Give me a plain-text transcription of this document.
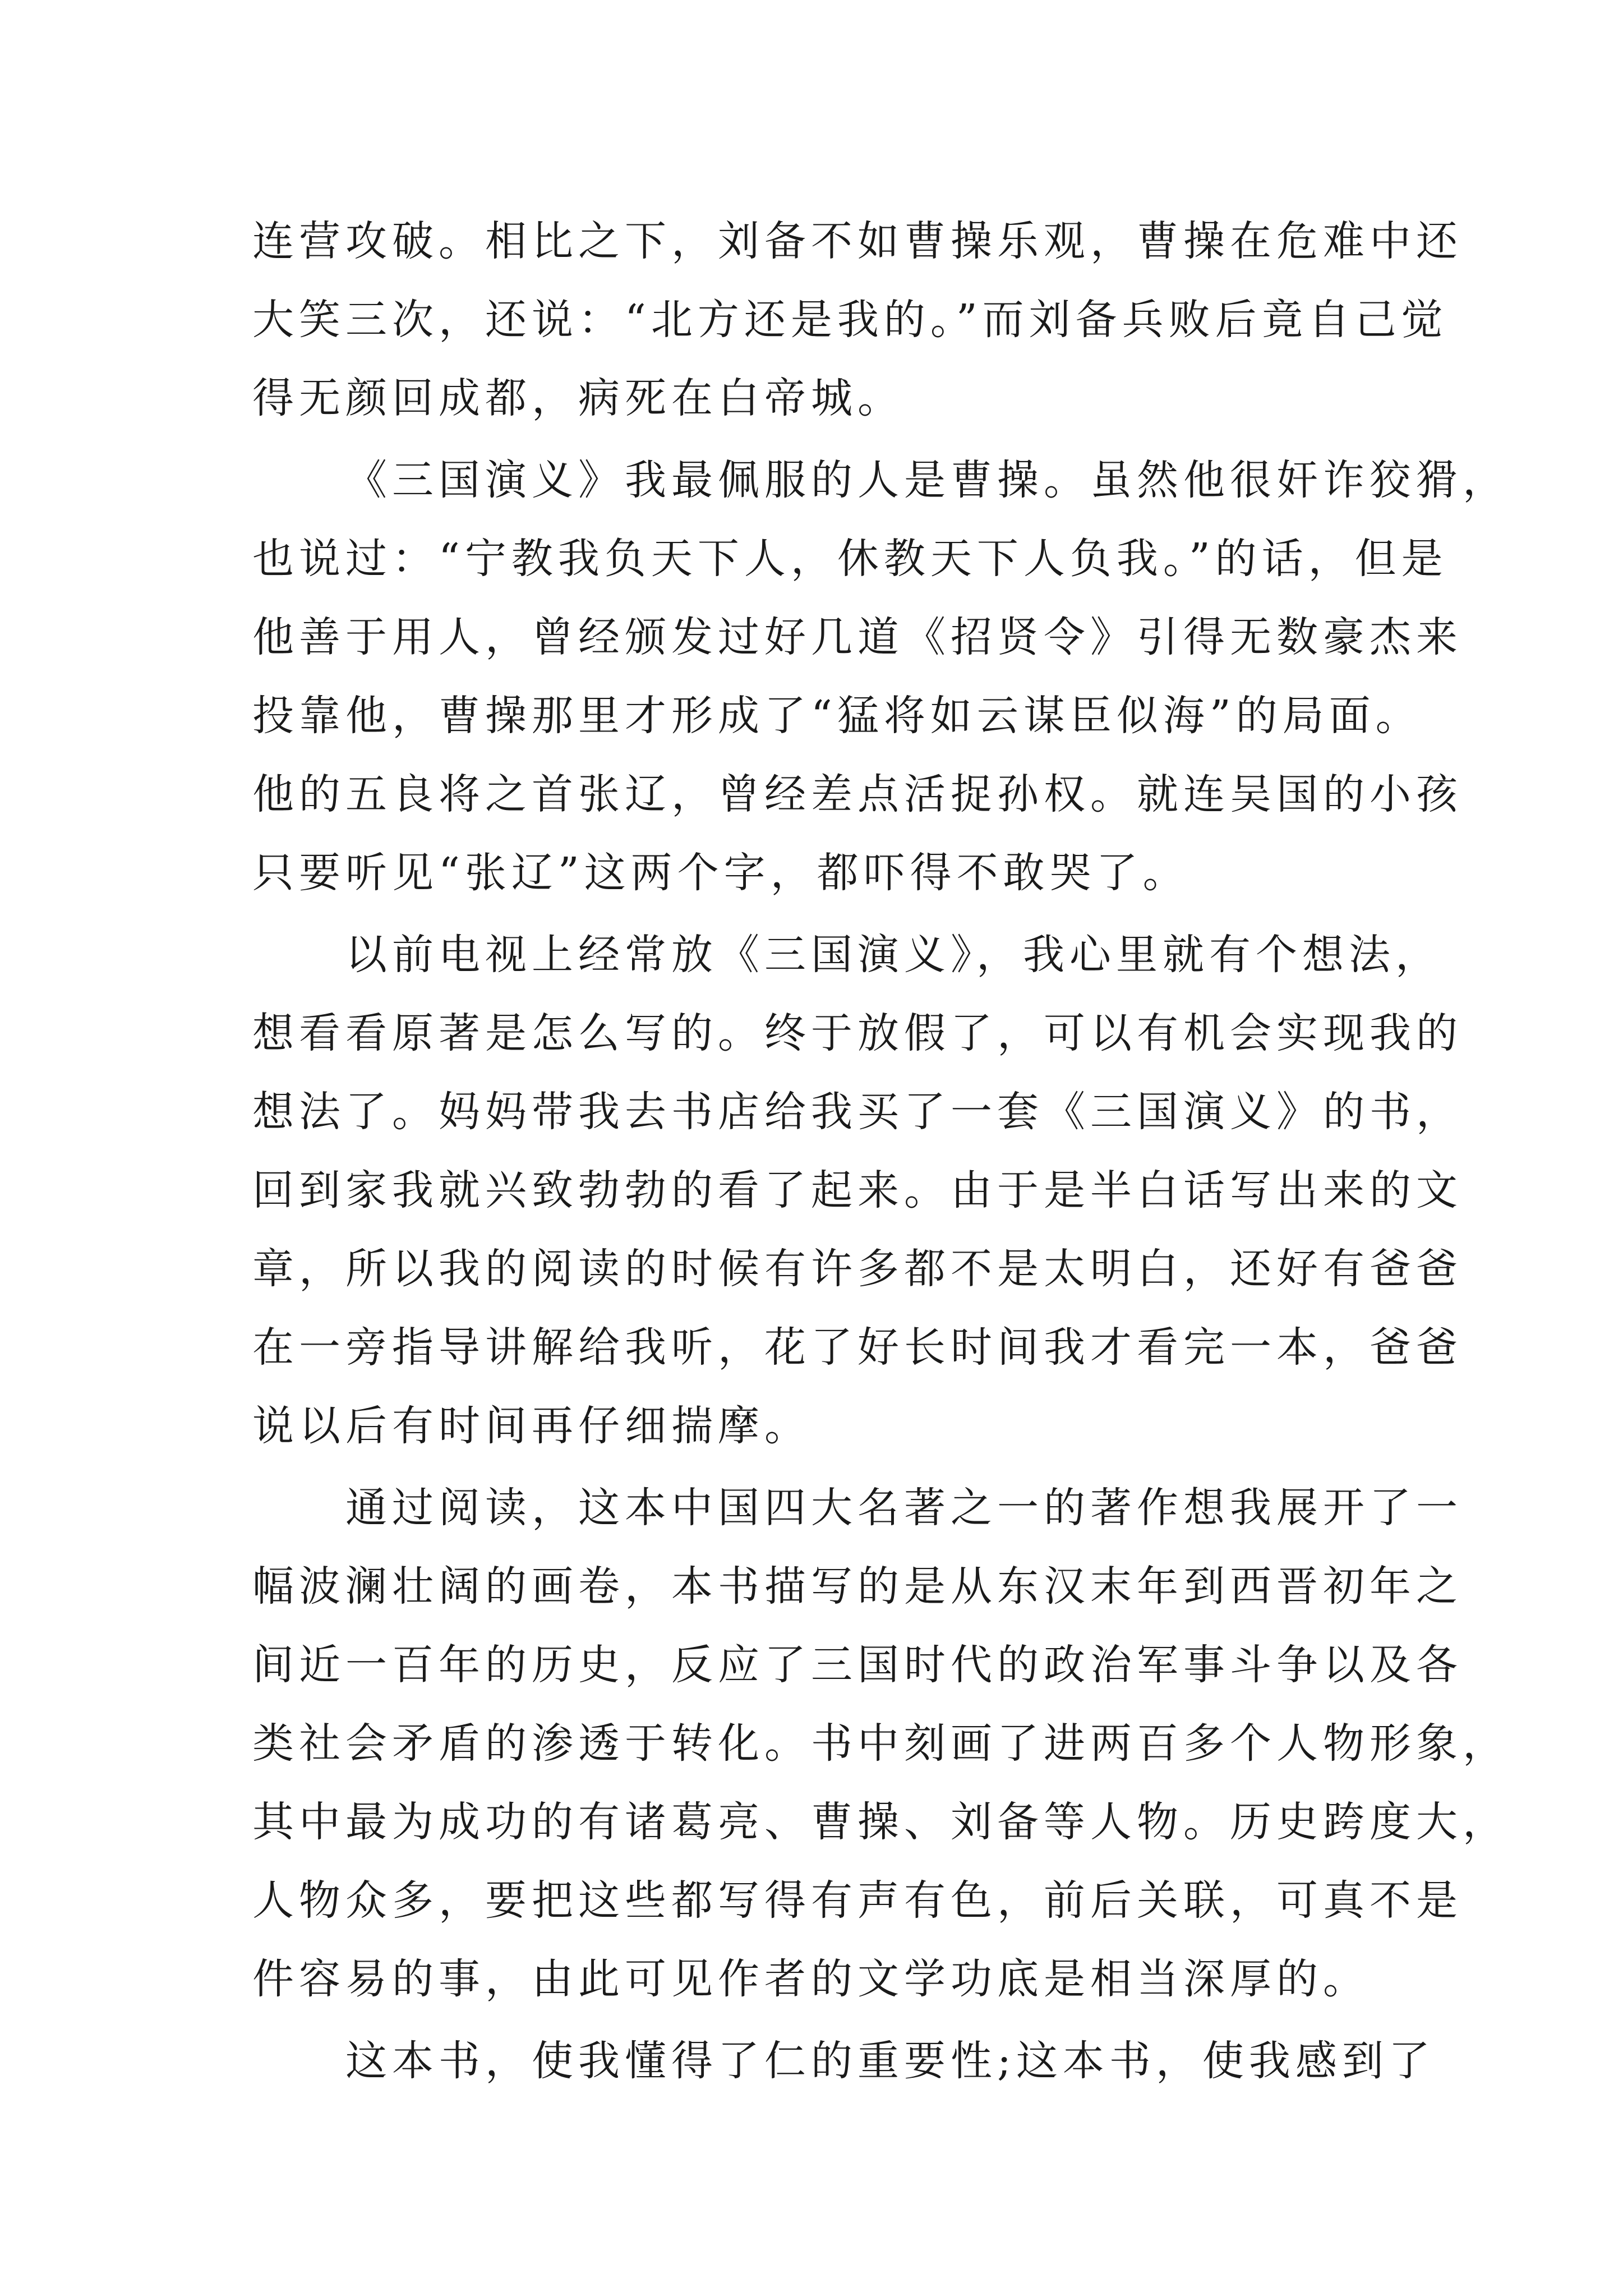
连营攻破。相比之下，刘备不如曹操乐观，曹操在危难中还
大笑三次，还说：“北方还是我的。”而刘备兵败后竟自己觉
得无颜回成都，病死在白帝城。
《三国演义》我最佩服的人是曹操。虽然他很奸诈狡猾，
也说过：“宁教我负天下人，休教天下人负我。”的话，但是
他善于用人，曾经颁发过好几道《招贤令》引得无数豪杰来
投靠他，曹操那里才形成了“猛将如云谋臣似海”的局面。
他的五良将之首张辽，曾经差点活捉孙权。就连吴国的小孩
只要听见“张辽”这两个字，都吓得不敢哭了。
以前电视上经常放《三国演义》，我心里就有个想法，
想看看原著是怎么写的。终于放假了，可以有机会实现我的
想法了。妈妈带我去书店给我买了一套《三国演义》的书，
回到家我就兴致勃勃的看了起来。由于是半白话写出来的文
章，所以我的阅读的时候有许多都不是太明白，还好有爸爸
在一旁指导讲解给我听，花了好长时间我才看完一本，爸爸
说以后有时间再仔细揣摩。
通过阅读，这本中国四大名著之一的著作想我展开了一
幅波澜壮阔的画卷，本书描写的是从东汉末年到西晋初年之
间近一百年的历史，反应了三国时代的政治军事斗争以及各
类社会矛盾的渗透于转化。书中刻画了进两百多个人物形象，
其中最为成功的有诸葛亮、曹操、刘备等人物。历史跨度大，
人物众多，要把这些都写得有声有色，前后关联，可真不是
件容易的事，由此可见作者的文学功底是相当深厚的。
这本书，使我懂得了仁的重要性;这本书，使我感到了
